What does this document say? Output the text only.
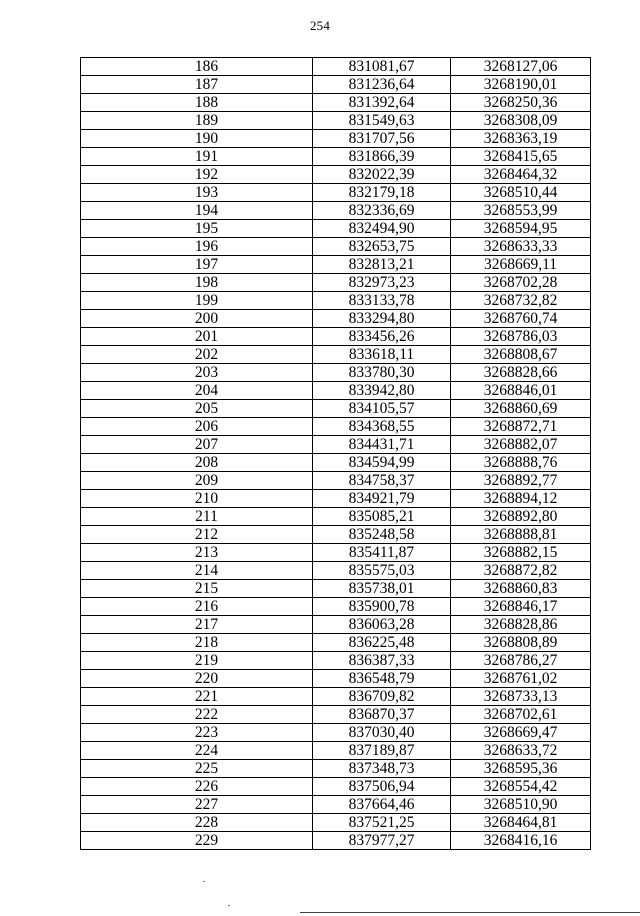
254
186	831081,67	3268127,06
187	831236,64	3268190,01
188	831392,64	3268250,36
189	831549,63	3268308,09
190	831707,56	3268363,19
191	831866,39	3268415,65
192	832022,39	3268464,32
193	832179,18	3268510,44
194	832336,69	3268553,99
195	832494,90	3268594,95
196	832653,75	3268633,33
197	832813,21	3268669,11
198	832973,23	3268702,28
199	833133,78	3268732,82
200	833294,80	3268760,74
201	833456,26	3268786,03
202	833618,11	3268808,67
203	833780,30	3268828,66
204	833942,80	3268846,01
205	834105,57	3268860,69
206	834368,55	3268872,71
207	834431,71	3268882,07
208	834594,99	3268888,76
209	834758,37	3268892,77
210	834921,79	3268894,12
211	835085,21	3268892,80
212	835248,58	3268888,81
213	835411,87	3268882,15
214	835575,03	3268872,82
215	835738,01	3268860,83
216	835900,78	3268846,17
217	836063,28	3268828,86
218	836225,48	3268808,89
219	836387,33	3268786,27
220	836548,79	3268761,02
221	836709,82	3268733,13
222	836870,37	3268702,61
223	837030,40	3268669,47
224	837189,87	3268633,72
225	837348,73	3268595,36
226	837506,94	3268554,42
227	837664,46	3268510,90
228	837521,25	3268464,81
229	837977,27	3268416,16
